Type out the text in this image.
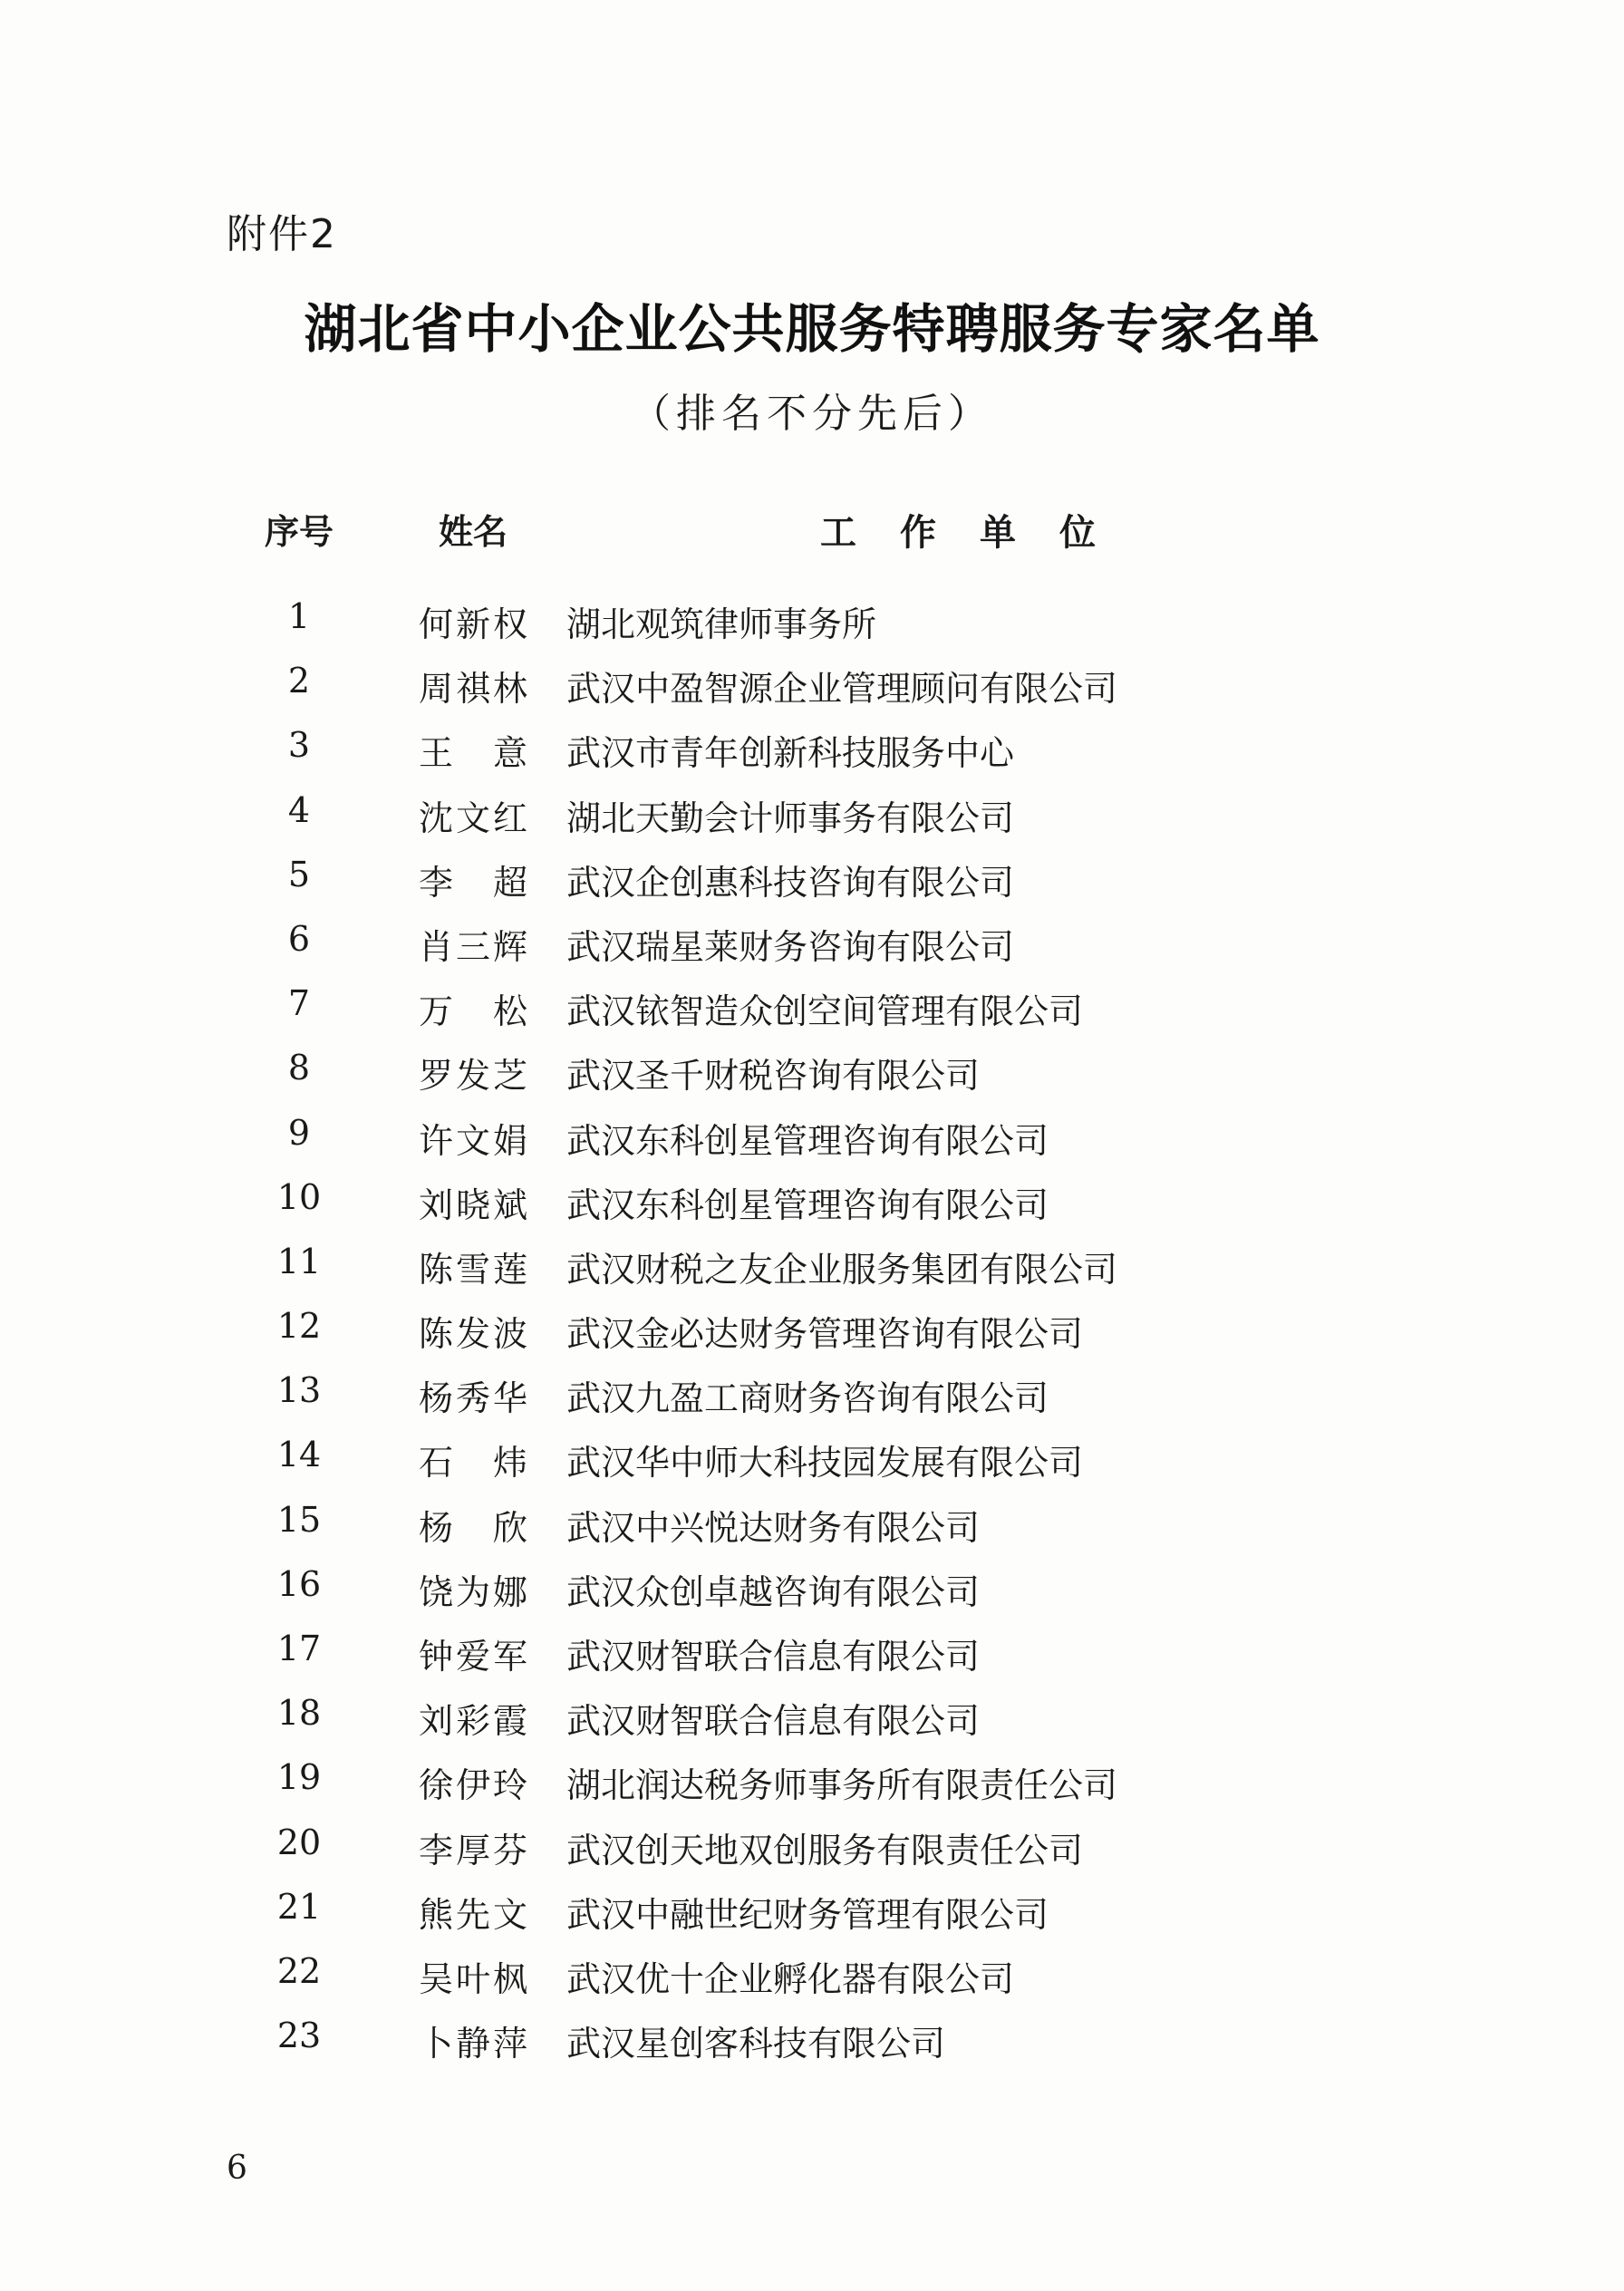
附件2
湖北省中小企业公共服务特聘服务专家名单
（排名不分先后）
序号	姓名	工作单位
1	何新权 湖北观筑律师事务所
2	周祺林 武汉中盈智源企业管理顾问有限公司
3	王意 武汉市青年创新科技服务中心
4	沈文红 湖北天勤会计师事务有限公司
5	李超 武汉企创惠科技咨询有限公司
6	肖三辉 武汉瑞星莱财务咨询有限公司
7	万松 武汉铱智造众创空间管理有限公司
8	罗发芝 武汉圣千财税咨询有限公司
9	许文娟 武汉东科创星管理咨询有限公司
10	刘晓斌 武汉东科创星管理咨询有限公司
11	陈雪莲 武汉财税之友企业服务集团有限公司
12	陈发波 武汉金必达财务管理咨询有限公司
13	杨秀华 武汉九盈工商财务咨询有限公司
14	石炜 武汉华中师大科技园发展有限公司
15	杨欣 武汉中兴悦达财务有限公司
16	饶为娜 武汉众创卓越咨询有限公司
17	钟爱军 武汉财智联合信息有限公司
18	刘彩霞 武汉财智联合信息有限公司
19	徐伊玲 湖北润达税务师事务所有限责任公司
20	李厚芬 武汉创天地双创服务有限责任公司
21	熊先文 武汉中融世纪财务管理有限公司
22	吴叶枫 武汉优十企业孵化器有限公司
23	卜静萍 武汉星创客科技有限公司
6
